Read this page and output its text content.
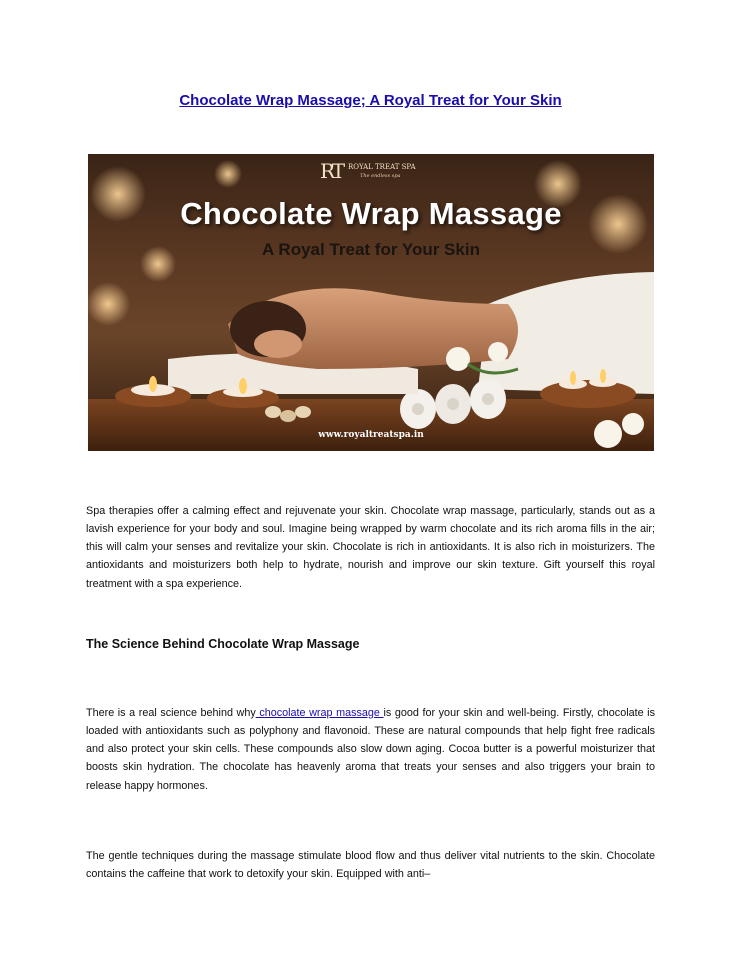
Chocolate Wrap Massage; A Royal Treat for Your Skin
RT ROYAL TREAT SPA
The endless spa
Chocolate Wrap Massage
A Royal Treat for Your Skin
www.royaltreatspa.in

Spa therapies offer a calming effect and rejuvenate your skin. Chocolate wrap massage, particularly, stands out as a lavish experience for your body and soul. Imagine being wrapped by warm chocolate and its rich aroma fills in the air; this will calm your senses and revitalize your skin. Chocolate is rich in antioxidants. It is also rich in moisturizers. The antioxidants and moisturizers both help to hydrate, nourish and improve our skin texture. Gift yourself this royal treatment with a spa experience.

The Science Behind Chocolate Wrap Massage

There is a real science behind why chocolate wrap massage is good for your skin and well-being. Firstly, chocolate is loaded with antioxidants such as polyphony and flavonoid. These are natural compounds that help fight free radicals and also protect your skin cells. These compounds also slow down aging. Cocoa butter is a powerful moisturizer that boosts skin hydration. The chocolate has heavenly aroma that treats your senses and also triggers your brain to release happy hormones.

The gentle techniques during the massage stimulate blood flow and thus deliver vital nutrients to the skin. Chocolate contains the caffeine that work to detoxify your skin. Equipped with anti–
